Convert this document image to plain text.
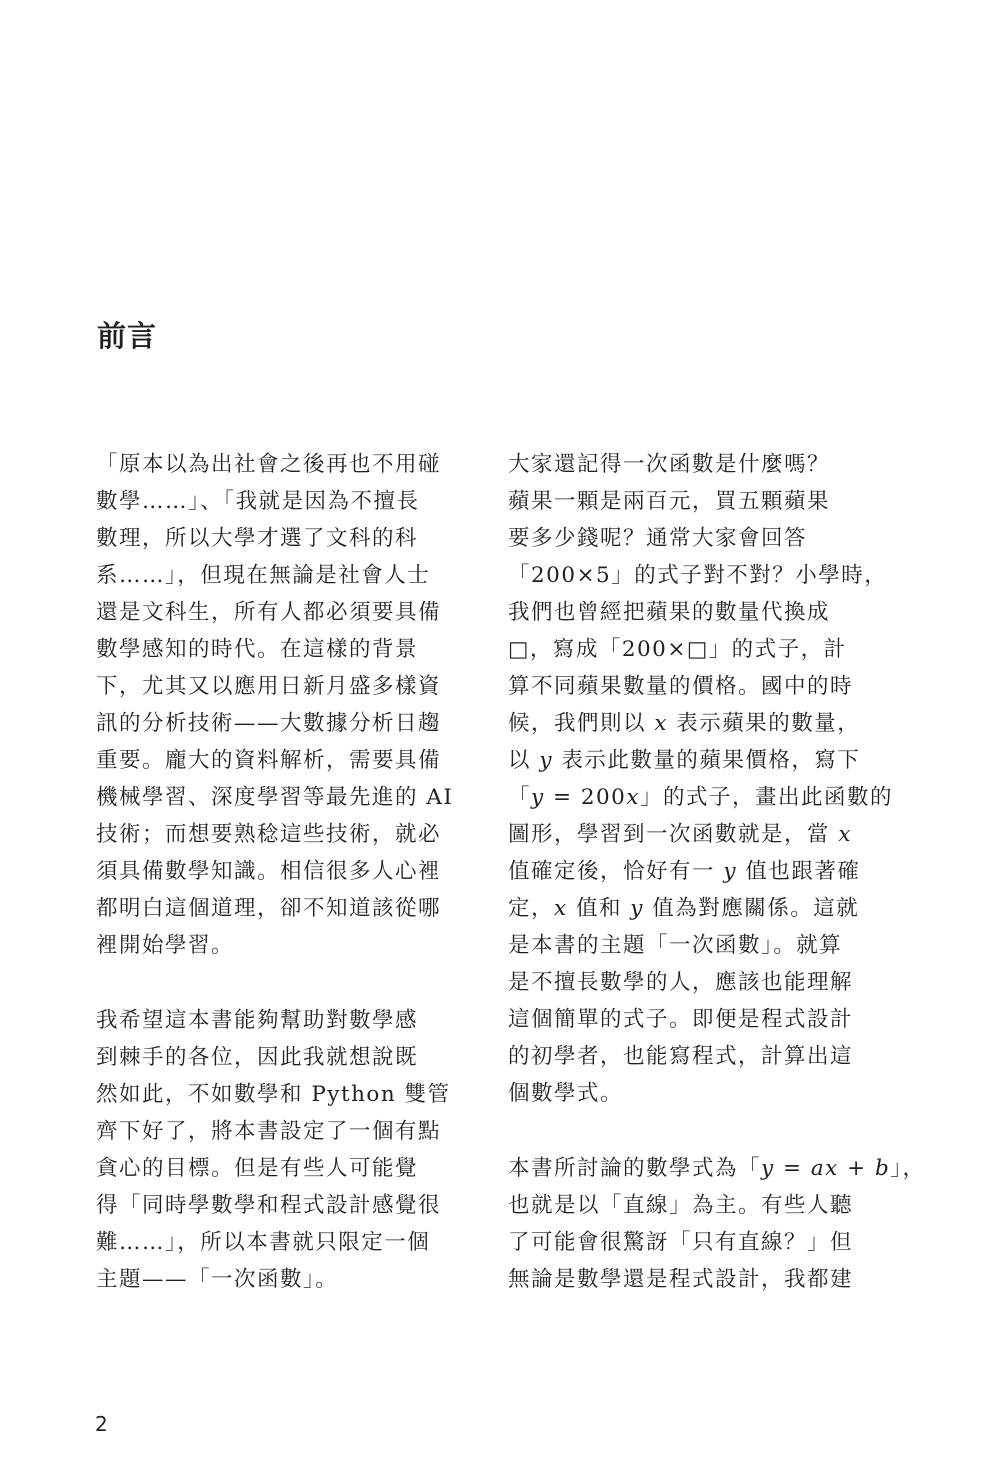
前言

「原本以為出社會之後再也不用碰
數學……」、「我就是因為不擅長
數理，所以大學才選了文科的科
系……」，但現在無論是社會人士
還是文科生，所有人都必須要具備
數學感知的時代。在這樣的背景
下，尤其又以應用日新月盛多樣資
訊的分析技術——大數據分析日趨
重要。龐大的資料解析，需要具備
機械學習、深度學習等最先進的 AI
技術；而想要熟稔這些技術，就必
須具備數學知識。相信很多人心裡
都明白這個道理，卻不知道該從哪
裡開始學習。

我希望這本書能夠幫助對數學感
到棘手的各位，因此我就想說既
然如此，不如數學和 Python 雙管
齊下好了，將本書設定了一個有點
貪心的目標。但是有些人可能覺
得「同時學數學和程式設計感覺很
難……」，所以本書就只限定一個
主題——「一次函數」。

大家還記得一次函數是什麼嗎？
蘋果一顆是兩百元，買五顆蘋果
要多少錢呢？通常大家會回答
「200×5」的式子對不對？小學時，
我們也曾經把蘋果的數量代換成
□，寫成「200×□」的式子，計
算不同蘋果數量的價格。國中的時
候，我們則以 𝑥 表示蘋果的數量，
以 𝑦 表示此數量的蘋果價格，寫下
「𝑦 = 200𝑥」的式子，畫出此函數的
圖形，學習到一次函數就是，當 𝑥
值確定後，恰好有一 𝑦 值也跟著確
定，𝑥 值和 𝑦 值為對應關係。這就
是本書的主題「一次函數」。就算
是不擅長數學的人，應該也能理解
這個簡單的式子。即便是程式設計
的初學者，也能寫程式，計算出這
個數學式。

本書所討論的數學式為「𝑦 = 𝑎𝑥 + 𝑏」，
也就是以「直線」為主。有些人聽
了可能會很驚訝「只有直線？」但
無論是數學還是程式設計，我都建

2
